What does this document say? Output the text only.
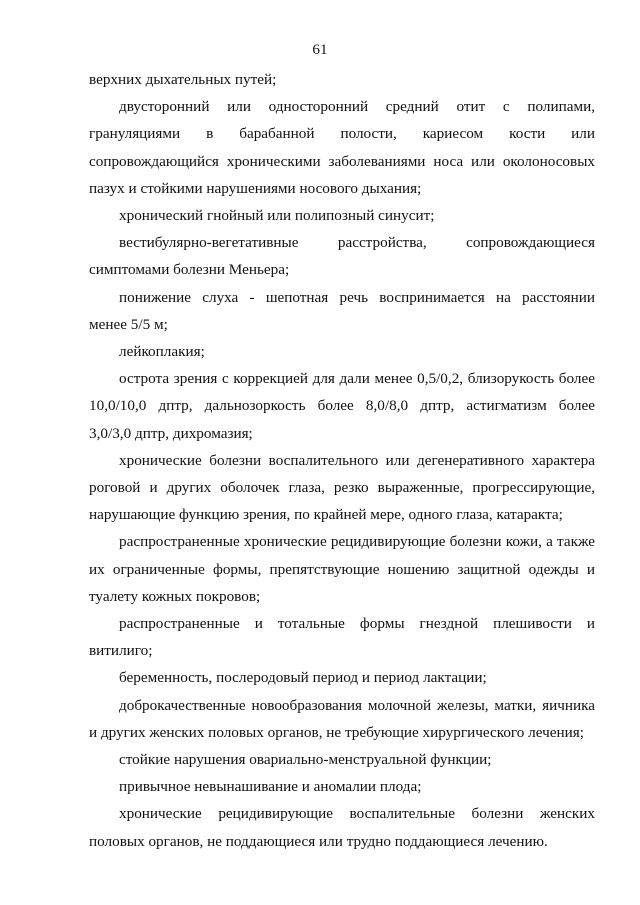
61

верхних дыхательных путей;

двусторонний или односторонний средний отит с полипами,

грануляциями в барабанной полости, кариесом кости или

сопровождающийся хроническими заболеваниями носа или околоносовых

пазух и стойкими нарушениями носового дыхания;

хронический гнойный или полипозный синусит;

вестибулярно-вегетативные расстройства, сопровождающиеся

симптомами болезни Меньера;

понижение слуха - шепотная речь воспринимается на расстоянии

менее 5/5 м;

лейкоплакия;

острота зрения с коррекцией для дали менее 0,5/0,2, близорукость более

10,0/10,0 дптр, дальнозоркость более 8,0/8,0 дптр, астигматизм более

3,0/3,0 дптр, дихромазия;

хронические болезни воспалительного или дегенеративного характера

роговой и других оболочек глаза, резко выраженные, прогрессирующие,

нарушающие функцию зрения, по крайней мере, одного глаза, катаракта;

распространенные хронические рецидивирующие болезни кожи, а также

их ограниченные формы, препятствующие ношению защитной одежды и

туалету кожных покровов;

распространенные и тотальные формы гнездной плешивости и витилиго;

беременность, послеродовый период и период лактации;

доброкачественные новообразования молочной железы, матки, яичника

и других женских половых органов, не требующие хирургического лечения;

стойкие нарушения овариально-менструальной функции;

привычное невынашивание и аномалии плода;

хронические рецидивирующие воспалительные болезни женских

половых органов, не поддающиеся или трудно поддающиеся лечению.
